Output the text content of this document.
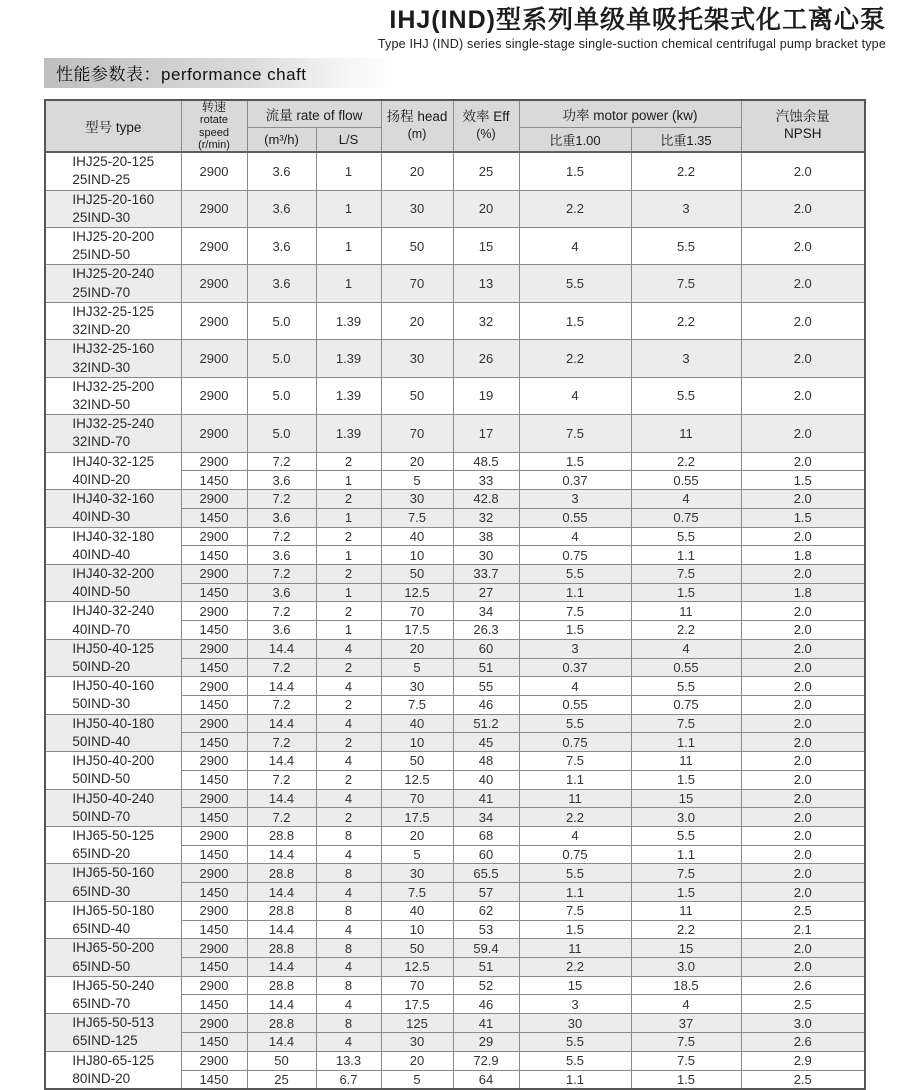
IHJ(IND)型系列单级单吸托架式化工离心泵
Type IHJ (IND) series single-stage single-suction chemical centrifugal pump bracket type
性能参数表：performance chaft
型号 type	转速
rotate speed
(r/min)	流量 rate of flow		扬程 head
(m)	效率 Eff
(%)	功率 motor power (kw)		汽蚀余量
NPSH
		(m³/h)	L/S			比重1.00	比重1.35	

IHJ25-20-125
25IND-25	2900	3.6	1	20	25	1.5	2.2	2.0

IHJ25-20-160
25IND-30	2900	3.6	1	30	20	2.2	3	2.0

IHJ25-20-200
25IND-50	2900	3.6	1	50	15	4	5.5	2.0

IHJ25-20-240
25IND-70	2900	3.6	1	70	13	5.5	7.5	2.0

IHJ32-25-125
32IND-20	2900	5.0	1.39	20	32	1.5	2.2	2.0

IHJ32-25-160
32IND-30	2900	5.0	1.39	30	26	2.2	3	2.0

IHJ32-25-200
32IND-50	2900	5.0	1.39	50	19	4	5.5	2.0

IHJ32-25-240
32IND-70	2900	5.0	1.39	70	17	7.5	11	2.0

IHJ40-32-125
40IND-20	2900	7.2	2	20	48.5	1.5	2.2	2.0
	1450	3.6	1	5	33	0.37	0.55	1.5

IHJ40-32-160
40IND-30	2900	7.2	2	30	42.8	3	4	2.0
	1450	3.6	1	7.5	32	0.55	0.75	1.5

IHJ40-32-180
40IND-40	2900	7.2	2	40	38	4	5.5	2.0
	1450	3.6	1	10	30	0.75	1.1	1.8

IHJ40-32-200
40IND-50	2900	7.2	2	50	33.7	5.5	7.5	2.0
	1450	3.6	1	12.5	27	1.1	1.5	1.8

IHJ40-32-240
40IND-70	2900	7.2	2	70	34	7.5	11	2.0
	1450	3.6	1	17.5	26.3	1.5	2.2	2.0

IHJ50-40-125
50IND-20	2900	14.4	4	20	60	3	4	2.0
	1450	7.2	2	5	51	0.37	0.55	2.0

IHJ50-40-160
50IND-30	2900	14.4	4	30	55	4	5.5	2.0
	1450	7.2	2	7.5	46	0.55	0.75	2.0

IHJ50-40-180
50IND-40	2900	14.4	4	40	51.2	5.5	7.5	2.0
	1450	7.2	2	10	45	0.75	1.1	2.0

IHJ50-40-200
50IND-50	2900	14.4	4	50	48	7.5	11	2.0
	1450	7.2	2	12.5	40	1.1	1.5	2.0

IHJ50-40-240
50IND-70	2900	14.4	4	70	41	11	15	2.0
	1450	7.2	2	17.5	34	2.2	3.0	2.0

IHJ65-50-125
65IND-20	2900	28.8	8	20	68	4	5.5	2.0
	1450	14.4	4	5	60	0.75	1.1	2.0

IHJ65-50-160
65IND-30	2900	28.8	8	30	65.5	5.5	7.5	2.0
	1450	14.4	4	7.5	57	1.1	1.5	2.0

IHJ65-50-180
65IND-40	2900	28.8	8	40	62	7.5	11	2.5
	1450	14.4	4	10	53	1.5	2.2	2.1

IHJ65-50-200
65IND-50	2900	28.8	8	50	59.4	11	15	2.0
	1450	14.4	4	12.5	51	2.2	3.0	2.0

IHJ65-50-240
65IND-70	2900	28.8	8	70	52	15	18.5	2.6
	1450	14.4	4	17.5	46	3	4	2.5

IHJ65-50-513
65IND-125	2900	28.8	8	125	41	30	37	3.0
	1450	14.4	4	30	29	5.5	7.5	2.6

IHJ80-65-125
80IND-20	2900	50	13.3	20	72.9	5.5	7.5	2.9
	1450	25	6.7	5	64	1.1	1.5	2.5
